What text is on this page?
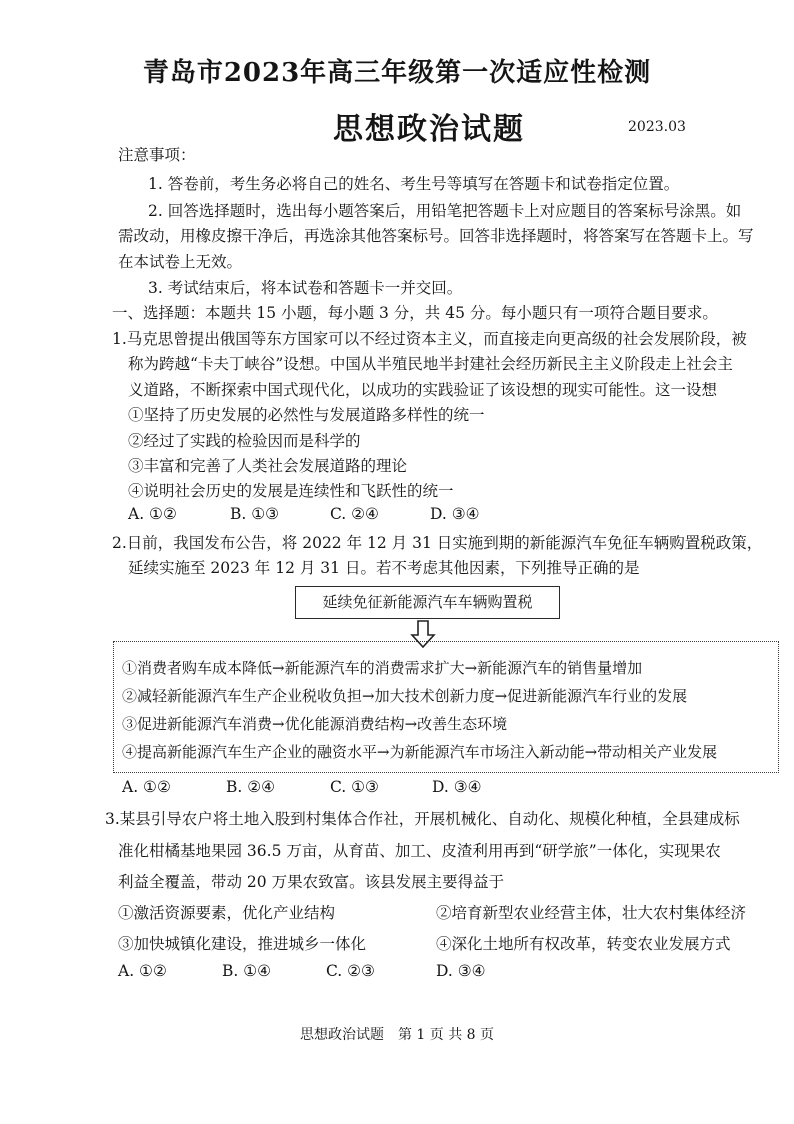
青岛市2023年高三年级第一次适应性检测
思想政治试题	2023.03
注意事项：
1. 答卷前，考生务必将自己的姓名、考生号等填写在答题卡和试卷指定位置。
2. 回答选择题时，选出每小题答案后，用铅笔把答题卡上对应题目的答案标号涂黑。如
需改动，用橡皮擦干净后，再选涂其他答案标号。回答非选择题时，将答案写在答题卡上。写
在本试卷上无效。
3. 考试结束后，将本试卷和答题卡一并交回。
一、选择题：本题共 15 小题，每小题 3 分，共 45 分。每小题只有一项符合题目要求。
1.马克思曾提出俄国等东方国家可以不经过资本主义，而直接走向更高级的社会发展阶段，被
称为跨越“卡夫丁峡谷”设想。中国从半殖民地半封建社会经历新民主主义阶段走上社会主
义道路，不断探索中国式现代化，以成功的实践验证了该设想的现实可能性。这一设想
①坚持了历史发展的必然性与发展道路多样性的统一
②经过了实践的检验因而是科学的
③丰富和完善了人类社会发展道路的理论
④说明社会历史的发展是连续性和飞跃性的统一
A. ①②	B. ①③	C. ②④	D. ③④
2.日前，我国发布公告，将 2022 年 12 月 31 日实施到期的新能源汽车免征车辆购置税政策，
延续实施至 2023 年 12 月 31 日。若不考虑其他因素，下列推导正确的是
延续免征新能源汽车车辆购置税
①消费者购车成本降低→新能源汽车的消费需求扩大→新能源汽车的销售量增加
②减轻新能源汽车生产企业税收负担→加大技术创新力度→促进新能源汽车行业的发展
③促进新能源汽车消费→优化能源消费结构→改善生态环境
④提高新能源汽车生产企业的融资水平→为新能源汽车市场注入新动能→带动相关产业发展
A. ①②	B. ②④	C. ①③	D. ③④
3.某县引导农户将土地入股到村集体合作社，开展机械化、自动化、规模化种植，全县建成标
准化柑橘基地果园 36.5 万亩，从育苗、加工、皮渣利用再到“研学旅”一体化，实现果农
利益全覆盖，带动 20 万果农致富。该县发展主要得益于
①激活资源要素，优化产业结构	②培育新型农业经营主体，壮大农村集体经济
③加快城镇化建设，推进城乡一体化	④深化土地所有权改革，转变农业发展方式
A. ①②	B. ①④	C. ②③	D. ③④
思想政治试题　第 1 页 共 8 页
